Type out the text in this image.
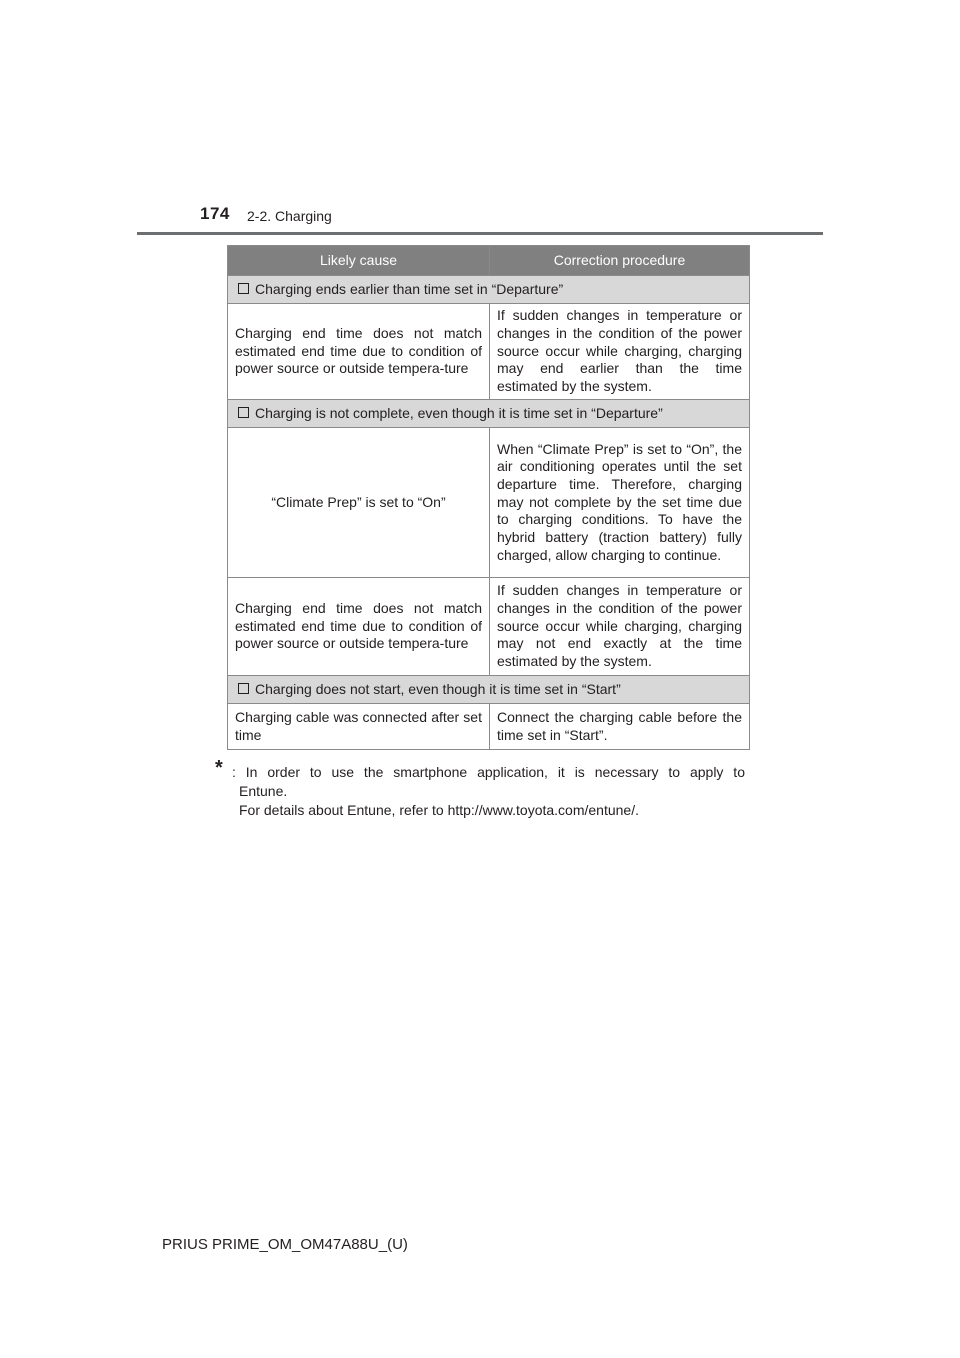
174 2-2. Charging
Likely cause	Correction procedure
Charging ends earlier than time set in “Departure”	
Charging end time does not match estimated end time due to condition of power source or outside tempera-ture	If sudden changes in temperature or changes in the condition of the power source occur while charging, charging may end earlier than the time estimated by the system.
Charging is not complete, even though it is time set in “Departure”	
“Climate Prep” is set to “On”	When “Climate Prep” is set to “On”, the air conditioning operates until the set departure time. Therefore, charging may not complete by the set time due to charging conditions. To have the hybrid battery (traction battery) fully charged, allow charging to continue.
Charging end time does not match estimated end time due to condition of power source or outside tempera-ture	If sudden changes in temperature or changes in the condition of the power source occur while charging, charging may not end exactly at the time estimated by the system.
Charging does not start, even though it is time set in “Start”	
Charging cable was connected after set time	Connect the charging cable before the time set in “Start”.
* : In order to use the smartphone application, it is necessary to apply to
Entune.
For details about Entune, refer to http://www.toyota.com/entune/.
PRIUS PRIME_OM_OM47A88U_(U)
